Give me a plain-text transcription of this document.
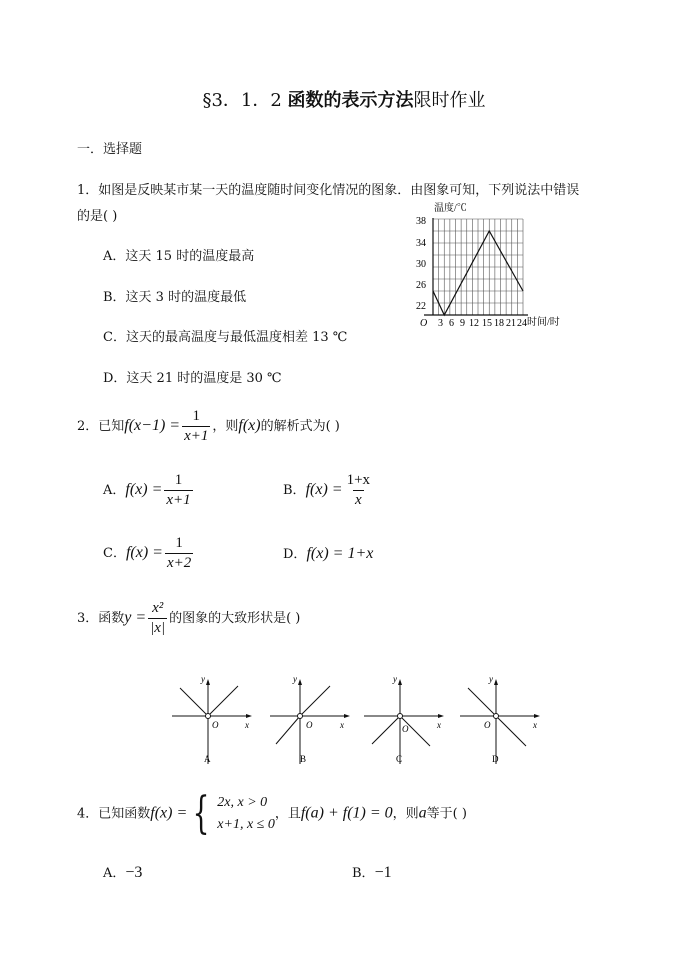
§3．1．2 函数的表示方法限时作业
一．选择题
1．如图是反映某市某一天的温度随时间变化情况的图象．由图象可知，下列说法中错误
的是( )
A．这天 15 时的温度最高
B．这天 3 时的温度最低
C．这天的最高温度与最低温度相差 13 ℃
D．这天 21 时的温度是 30 ℃
温度/℃
时间/时
O
38
34
30
26
22
3 6 9 12 15 18 21 24
2．已知$f(x-1) = \frac{1}{x+1}$ ，则f(x)的解析式为( )
A．$f(x) = \frac{1}{x+1}$	B．$f(x) = \frac{1+x}{x}$
C．$f(x) = \frac{1}{x+2}$	D．f(x) = 1+x
3．函数$y = \frac{\text{x²}}{|x|}$ 的图象的大致形状是( )
y
x
O
A
y
x
O
B
y
x
O
C
y
x
O
D
4．已知函数f(x) = { 2x, x > 0
x+1, x ≤ 0
，且f(a) + f(1) = 0，则a等于( )
A．−3	B．−1
